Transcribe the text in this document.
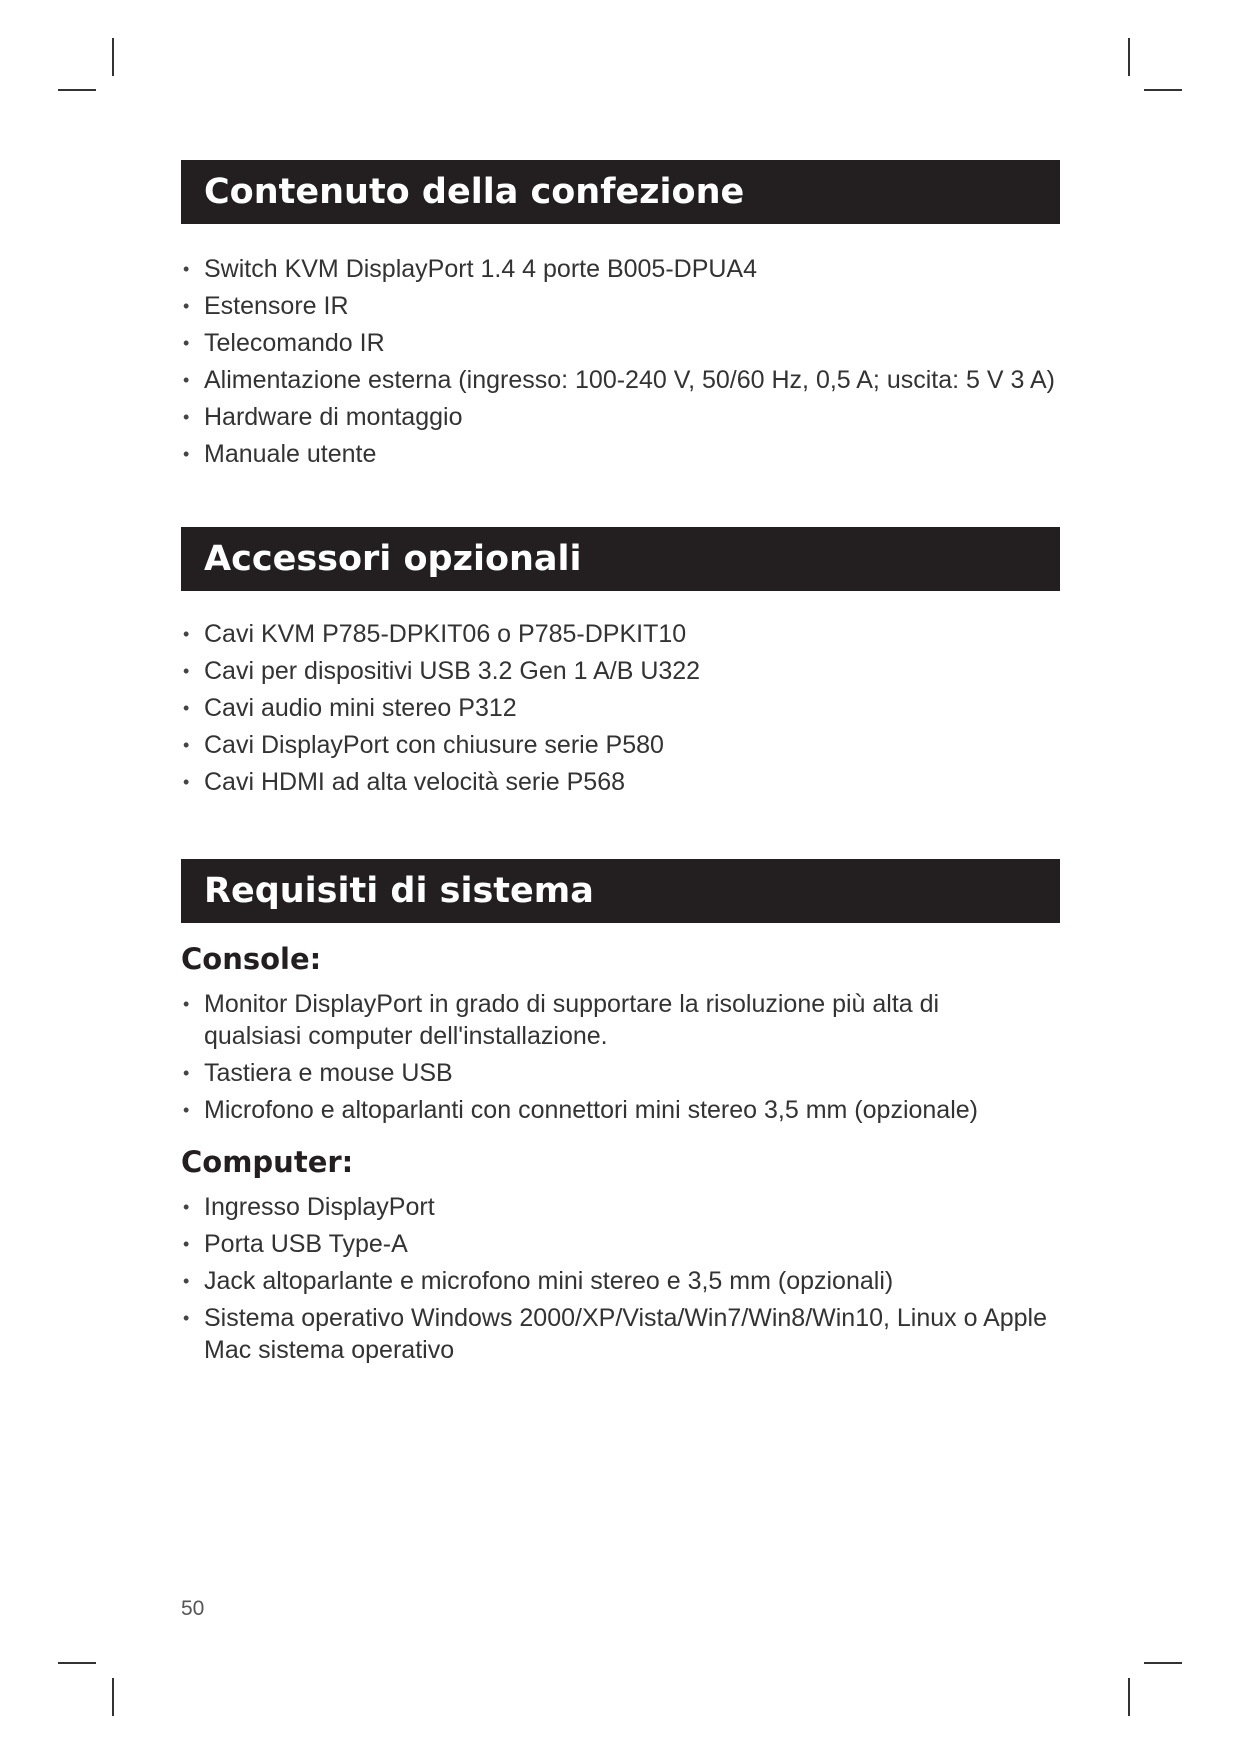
Contenuto della confezione
• Switch KVM DisplayPort 1.4 4 porte B005-DPUA4
• Estensore IR
• Telecomando IR
• Alimentazione esterna (ingresso: 100-240 V, 50/60 Hz, 0,5 A; uscita: 5 V 3 A)
• Hardware di montaggio
• Manuale utente
Accessori opzionali
• Cavi KVM P785-DPKIT06 o P785-DPKIT10
• Cavi per dispositivi USB 3.2 Gen 1 A/B U322
• Cavi audio mini stereo P312
• Cavi DisplayPort con chiusure serie P580
• Cavi HDMI ad alta velocità serie P568
Requisiti di sistema
Console:
• Monitor DisplayPort in grado di supportare la risoluzione più alta di qualsiasi computer dell'installazione.
• Tastiera e mouse USB
• Microfono e altoparlanti con connettori mini stereo 3,5 mm (opzionale)
Computer:
• Ingresso DisplayPort
• Porta USB Type-A
• Jack altoparlante e microfono mini stereo e 3,5 mm (opzionali)
• Sistema operativo Windows 2000/XP/Vista/Win7/Win8/Win10, Linux o Apple Mac sistema operativo
50
